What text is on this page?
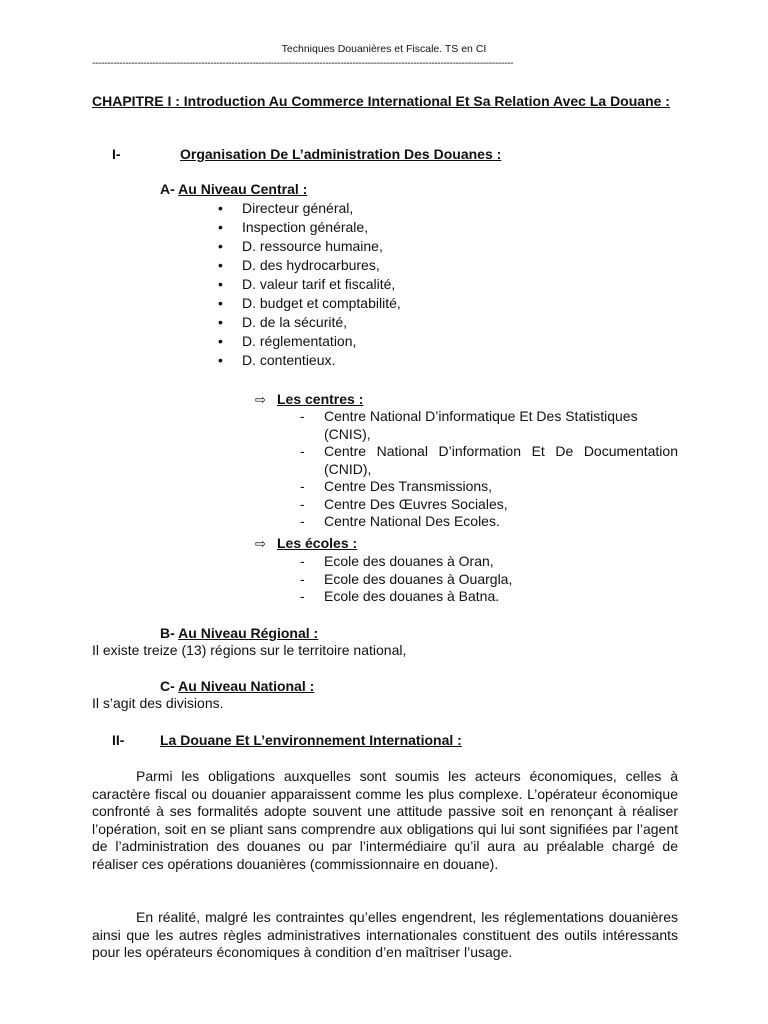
Techniques Douanières et Fiscale. TS en CI
-------------------------------------------------------------------------------------------------------------------------------------------
CHAPITRE I : Introduction Au Commerce International Et Sa Relation Avec La Douane :
I-	Organisation De L’administration Des Douanes :
A- Au Niveau Central :
• Directeur général,
• Inspection générale,
• D. ressource humaine,
• D. des hydrocarbures,
• D. valeur tarif et fiscalité,
• D. budget et comptabilité,
• D. de la sécurité,
• D. réglementation,
• D. contentieux.
⇨ Les centres :
- Centre National D’informatique Et Des Statistiques (CNIS),
- Centre National D’information Et De Documentation (CNID),
- Centre Des Transmissions,
- Centre Des Œuvres Sociales,
- Centre National Des Ecoles.
⇨ Les écoles :
- Ecole des douanes à Oran,
- Ecole des douanes à Ouargla,
- Ecole des douanes à Batna.
B- Au Niveau Régional :
Il existe treize (13) régions sur le territoire national,
C- Au Niveau National :
Il s’agit des divisions.
II-	La Douane Et L’environnement International :
Parmi les obligations auxquelles sont soumis les acteurs économiques, celles à caractère fiscal ou douanier apparaissent comme les plus complexe. L’opérateur économique confronté à ses formalités adopte souvent une attitude passive soit en renonçant à réaliser l’opération, soit en se pliant sans comprendre aux obligations qui lui sont signifiées par l’agent de l’administration des douanes ou par l’intermédiaire qu’il aura au préalable chargé de réaliser ces opérations douanières (commissionnaire en douane).
En réalité, malgré les contraintes qu’elles engendrent, les réglementations douanières ainsi que les autres règles administratives internationales constituent des outils intéressants pour les opérateurs économiques à condition d’en maîtriser l’usage.
